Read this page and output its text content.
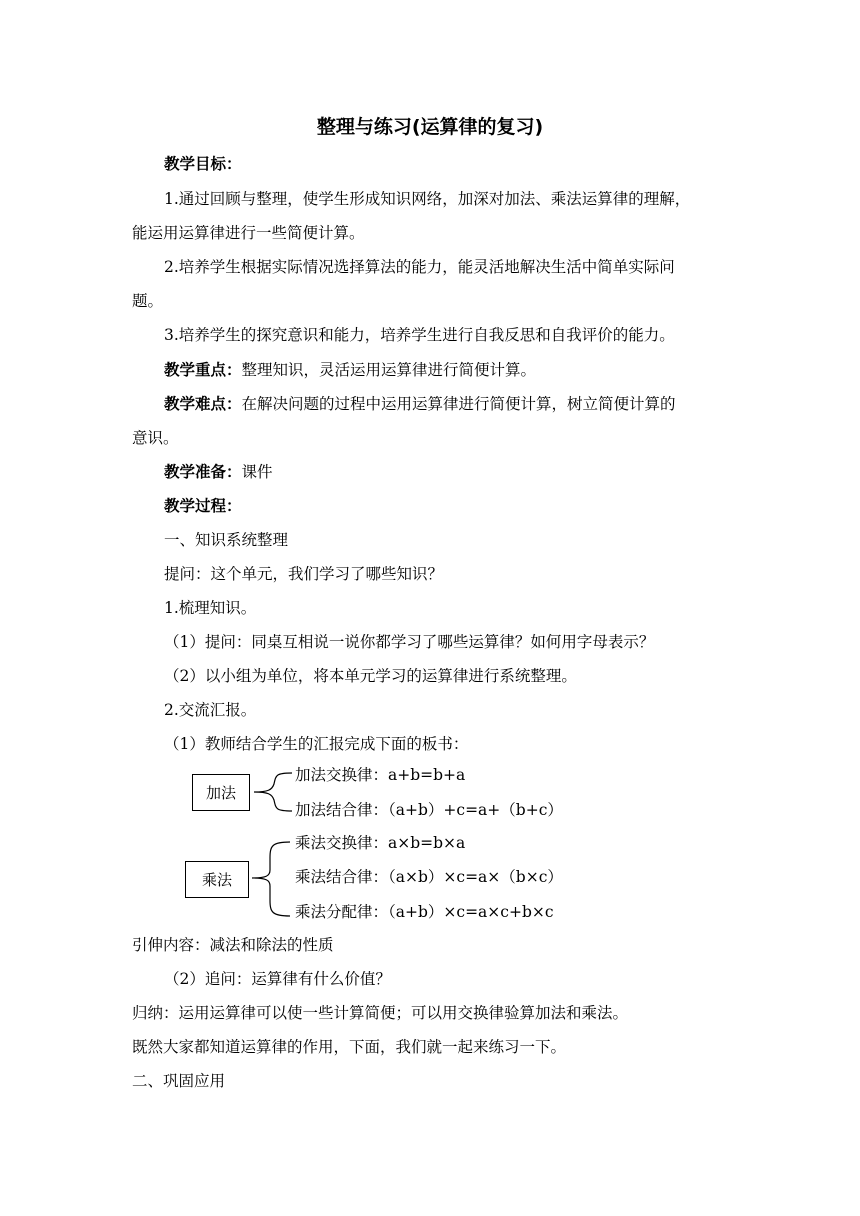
整理与练习(运算律的复习)
教学目标：
1.通过回顾与整理，使学生形成知识网络，加深对加法、乘法运算律的理解，
能运用运算律进行一些简便计算。
2.培养学生根据实际情况选择算法的能力，能灵活地解决生活中简单实际问
题。
3.培养学生的探究意识和能力，培养学生进行自我反思和自我评价的能力。
教学重点：整理知识，灵活运用运算律进行简便计算。
教学难点：在解决问题的过程中运用运算律进行简便计算，树立简便计算的
意识。
教学准备：课件
教学过程：
一、知识系统整理
提问：这个单元，我们学习了哪些知识？
1.梳理知识。
（1）提问：同桌互相说一说你都学习了哪些运算律？如何用字母表示？
（2）以小组为单位，将本单元学习的运算律进行系统整理。
2.交流汇报。
（1）教师结合学生的汇报完成下面的板书：
加法
加法交换律：a+b=b+a
加法结合律：（a+b）+c=a+（b+c）
乘法
乘法交换律：a×b=b×a
乘法结合律：（a×b）×c=a×（b×c）
乘法分配律：（a+b）×c=a×c+b×c
引伸内容：减法和除法的性质
（2）追问：运算律有什么价值？
归纳：运用运算律可以使一些计算简便；可以用交换律验算加法和乘法。
既然大家都知道运算律的作用，下面，我们就一起来练习一下。
二、巩固应用
